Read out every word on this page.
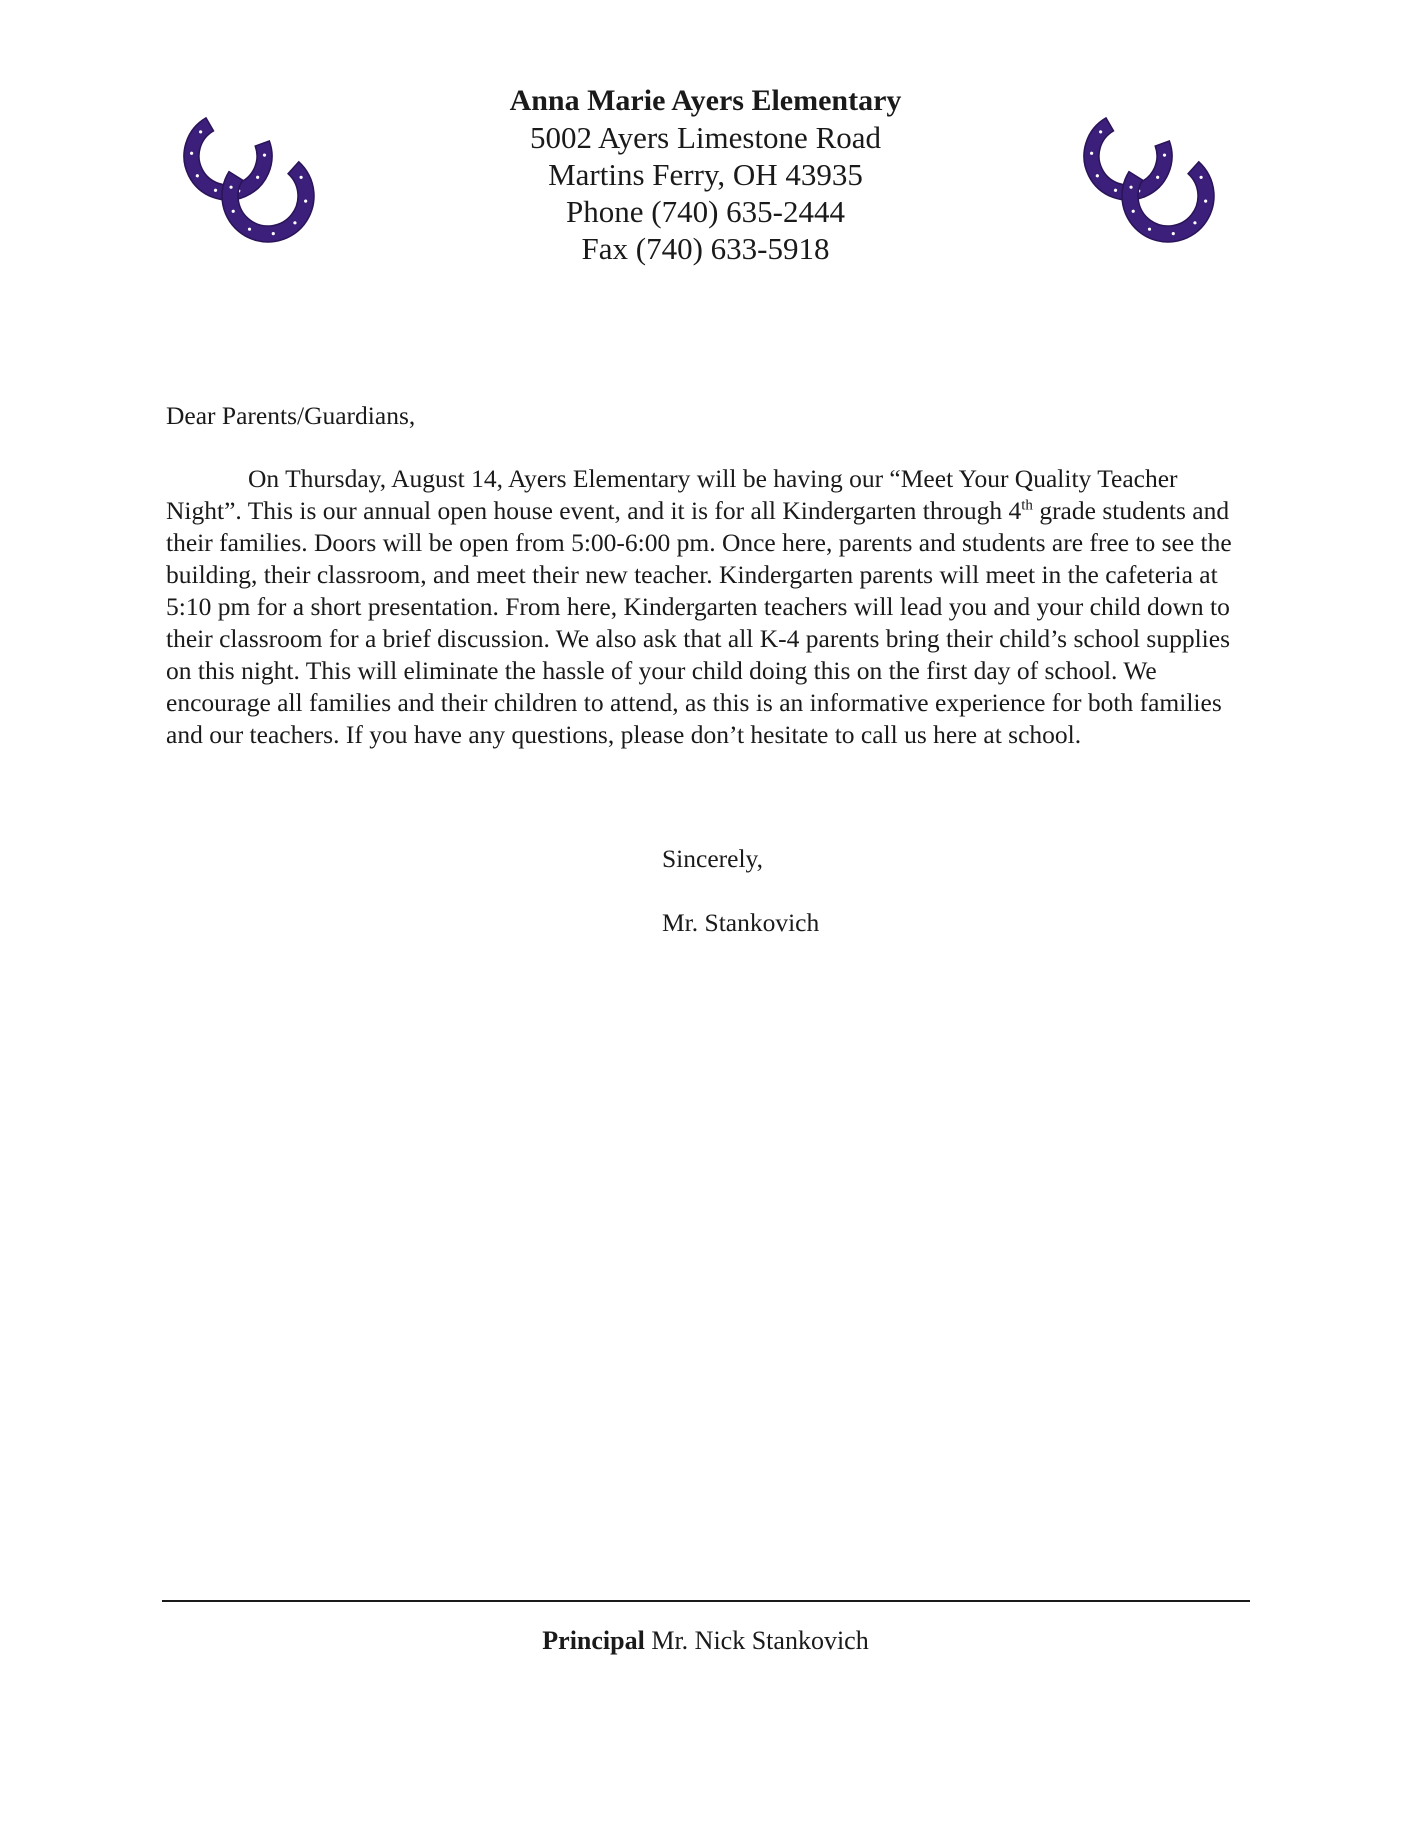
Anna Marie Ayers Elementary
5002 Ayers Limestone Road
Martins Ferry, OH 43935
Phone (740) 635-2444
Fax (740) 633-5918
Dear Parents/Guardians,
On Thursday, August 14, Ayers Elementary will be having our “Meet Your Quality Teacher Night”. This is our annual open house event, and it is for all Kindergarten through 4th grade students and their families. Doors will be open from 5:00-6:00 pm. Once here, parents and students are free to see the building, their classroom, and meet their new teacher. Kindergarten parents will meet in the cafeteria at 5:10 pm for a short presentation. From here, Kindergarten teachers will lead you and your child down to their classroom for a brief discussion. We also ask that all K-4 parents bring their child’s school supplies on this night. This will eliminate the hassle of your child doing this on the first day of school. We encourage all families and their children to attend, as this is an informative experience for both families and our teachers. If you have any questions, please don’t hesitate to call us here at school.
Sincerely,
Mr. Stankovich
Principal Mr. Nick Stankovich
